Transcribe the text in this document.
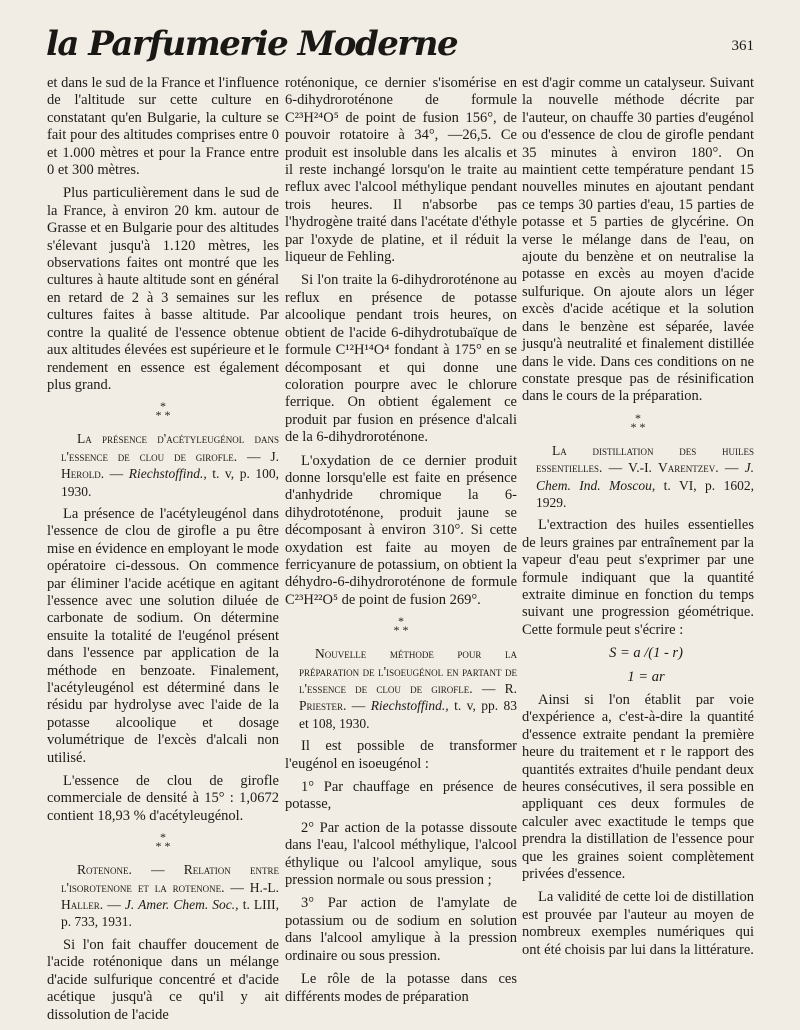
la Parfumerie Moderne	361

et dans le sud de la France et l'influence de l'altitude sur cette culture en constatant qu'en Bulgarie, la culture se fait pour des altitudes comprises entre 0 et 1.000 mètres et pour la France entre 0 et 300 mètres.

Plus particulièrement dans le sud de la France, à environ 20 km. autour de Grasse et en Bulgarie pour des altitudes s'élevant jusqu'à 1.120 mètres, les observations faites ont montré que les cultures à haute altitude sont en général en retard de 2 à 3 semaines sur les cultures faites à basse altitude. Par contre la qualité de l'essence obtenue aux altitudes élevées est supérieure et le rendement en essence est également plus grand.

*
* *

La présence d'acétyleugénol dans l'essence de clou de girofle. — J. Herold. — Riechstoffind., t. v, p. 100, 1930.

La présence de l'acétyleugénol dans l'essence de clou de girofle a pu être mise en évidence en employant le mode opératoire ci-dessous. On commence par éliminer l'acide acétique en agitant l'essence avec une solution diluée de carbonate de sodium. On détermine ensuite la totalité de l'eugénol présent dans l'essence par application de la méthode en benzoate. Finalement, l'acétyleugénol est déterminé dans le résidu par hydrolyse avec l'aide de la potasse alcoolique et dosage volumétrique de l'excès d'alcali non utilisé.

L'essence de clou de girofle commerciale de densité à 15° : 1,0672 contient 18,93 % d'acétyleugénol.

*
* *

Rotenone. — Relation entre l'isorotenone et la rotenone. — H.-L. Haller. — J. Amer. Chem. Soc., t. LIII, p. 733, 1931.

Si l'on fait chauffer doucement de l'acide roténonique dans un mélange d'acide sulfurique concentré et d'acide acétique jusqu'à ce qu'il y ait dissolution de l'acide

roténonique, ce dernier s'isomérise en 6-dihydroroténone de formule C²³H²⁴O⁵ de point de fusion 156°, de pouvoir rotatoire à 34°, —26,5. Ce produit est insoluble dans les alcalis et il reste inchangé lorsqu'on le traite au reflux avec l'alcool méthylique pendant trois heures. Il n'absorbe pas l'hydrogène traité dans l'acétate d'éthyle par l'oxyde de platine, et il réduit la liqueur de Fehling.

Si l'on traite la 6-dihydroroténone au reflux en présence de potasse alcoolique pendant trois heures, on obtient de l'acide 6-dihydrotubaïque de formule C¹²H¹⁴O⁴ fondant à 175° en se décomposant et qui donne une coloration pourpre avec le chlorure ferrique. On obtient également ce produit par fusion en présence d'alcali de la 6-dihydroroténone.

L'oxydation de ce dernier produit donne lorsqu'elle est faite en présence d'anhydride chromique la 6-dihydrototénone, produit jaune se décomposant à environ 310°. Si cette oxydation est faite au moyen de ferricyanure de potassium, on obtient la déhydro-6-dihydroroténone de formule C²³H²²O⁵ de point de fusion 269°.

*
* *

Nouvelle méthode pour la préparation de l'isoeugénol en partant de l'essence de clou de girofle. — R. Priester. — Riechstoffind., t. v, pp. 83 et 108, 1930.

Il est possible de transformer l'eugénol en isoeugénol :

1° Par chauffage en présence de potasse,

2° Par action de la potasse dissoute dans l'eau, l'alcool méthylique, l'alcool éthylique ou l'alcool amylique, sous pression normale ou sous pression ;

3° Par action de l'amylate de potassium ou de sodium en solution dans l'alcool amylique à la pression ordinaire ou sous pression.

Le rôle de la potasse dans ces différents modes de préparation

est d'agir comme un catalyseur. Suivant la nouvelle méthode décrite par l'auteur, on chauffe 30 parties d'eugénol ou d'essence de clou de girofle pendant 35 minutes à environ 180°. On maintient cette température pendant 15 nouvelles minutes en ajoutant pendant ce temps 30 parties d'eau, 15 parties de potasse et 5 parties de glycérine. On verse le mélange dans de l'eau, on ajoute du benzène et on neutralise la potasse en excès au moyen d'acide sulfurique. On ajoute alors un léger excès d'acide acétique et la solution dans le benzène est séparée, lavée jusqu'à neutralité et finalement distillée dans le vide. Dans ces conditions on ne constate presque pas de résinification dans le cours de la préparation.

*
* *

La distillation des huiles essentielles. — V.-I. Varentzev. — J. Chem. Ind. Moscou, t. VI, p. 1602, 1929.

L'extraction des huiles essentielles de leurs graines par entraînement par la vapeur d'eau peut s'exprimer par une formule indiquant que la quantité extraite diminue en fonction du temps suivant une progression géométrique. Cette formule peut s'écrire :

S = a /(1 - r)

1 = ar

Ainsi si l'on établit par voie d'expérience a, c'est-à-dire la quantité d'essence extraite pendant la première heure du traitement et r le rapport des quantités extraites d'huile pendant deux heures consécutives, il sera possible en appliquant ces deux formules de calculer avec exactitude le temps que prendra la distillation de l'essence pour que les graines soient complètement privées d'essence.

La validité de cette loi de distillation est prouvée par l'auteur au moyen de nombreux exemples numériques qui ont été choisis par lui dans la littérature.
